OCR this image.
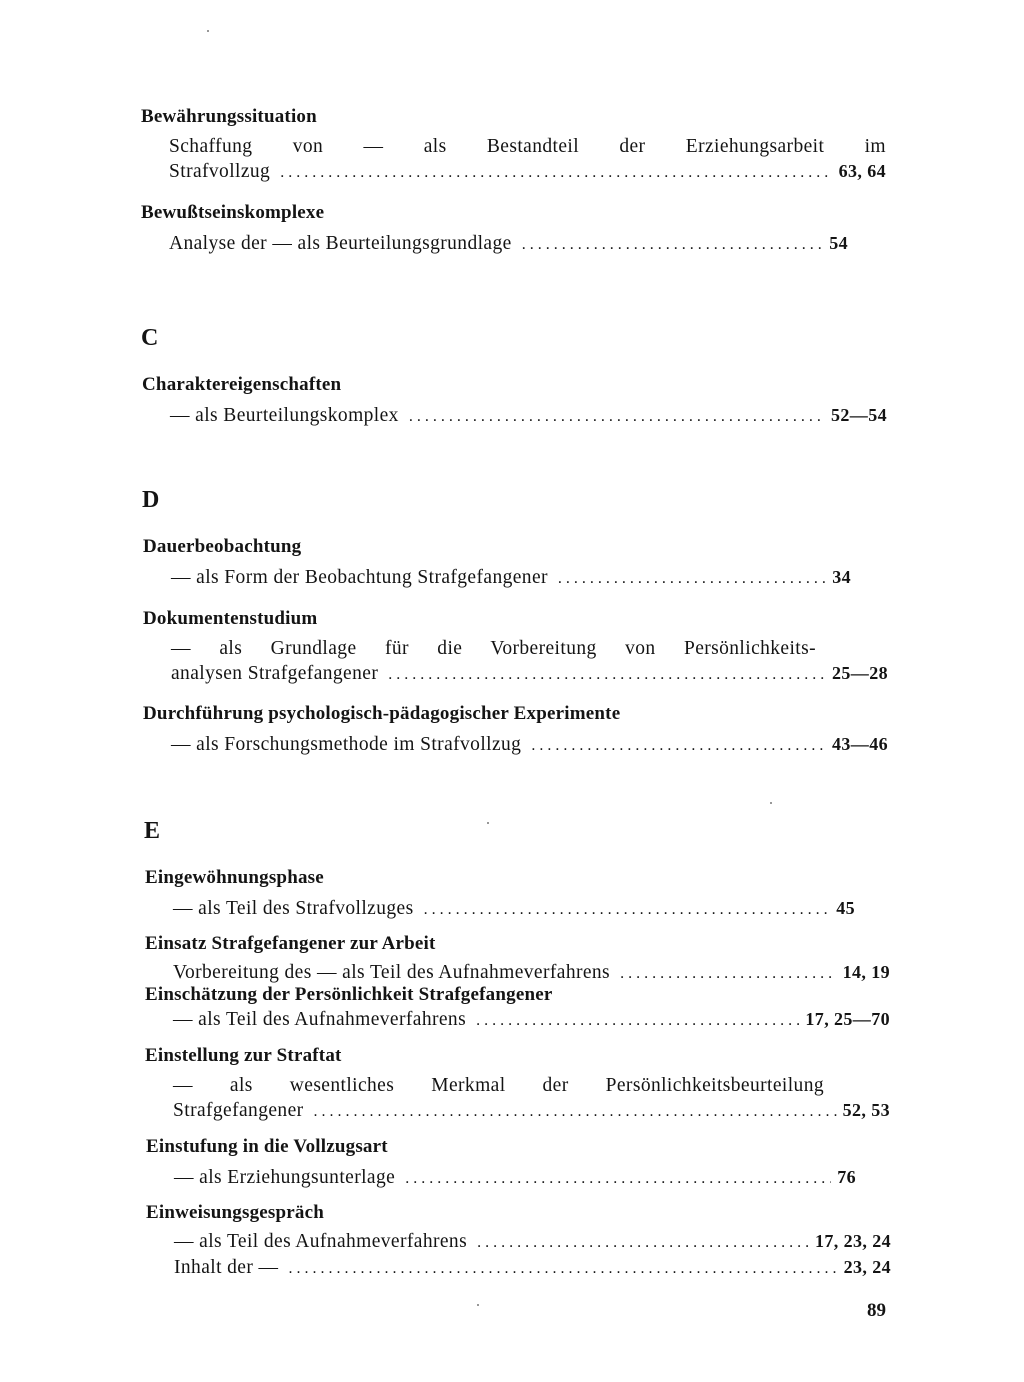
Bewährungssituation
Schaffung von — als Bestandteil der Erziehungsarbeit im
Strafvollzug . . .	63, 64
Bewußtseinskomplexe
Analyse der — als Beurteilungsgrundlage . . .	54
C
Charaktereigenschaften
— als Beurteilungskomplex . . .	52—54
D
Dauerbeobachtung
— als Form der Beobachtung Strafgefangener . . .	34
Dokumentenstudium
— als Grundlage für die Vorbereitung von Persönlichkeits-
analysen Strafgefangener . . .	25—28
Durchführung psychologisch-pädagogischer Experimente
— als Forschungsmethode im Strafvollzug . . .	43—46
E
Eingewöhnungsphase
— als Teil des Strafvollzuges . . .	45
Einsatz Strafgefangener zur Arbeit
Vorbereitung des — als Teil des Aufnahmeverfahrens . . .	14, 19
Einschätzung der Persönlichkeit Strafgefangener
— als Teil des Aufnahmeverfahrens . . .	17, 25—70
Einstellung zur Straftat
— als wesentliches Merkmal der Persönlichkeitsbeurteilung
Strafgefangener . . .	52, 53
Einstufung in die Vollzugsart
— als Erziehungsunterlage . . .	76
Einweisungsgespräch
— als Teil des Aufnahmeverfahrens . . .	17, 23, 24
Inhalt der — . . .	23, 24
89
